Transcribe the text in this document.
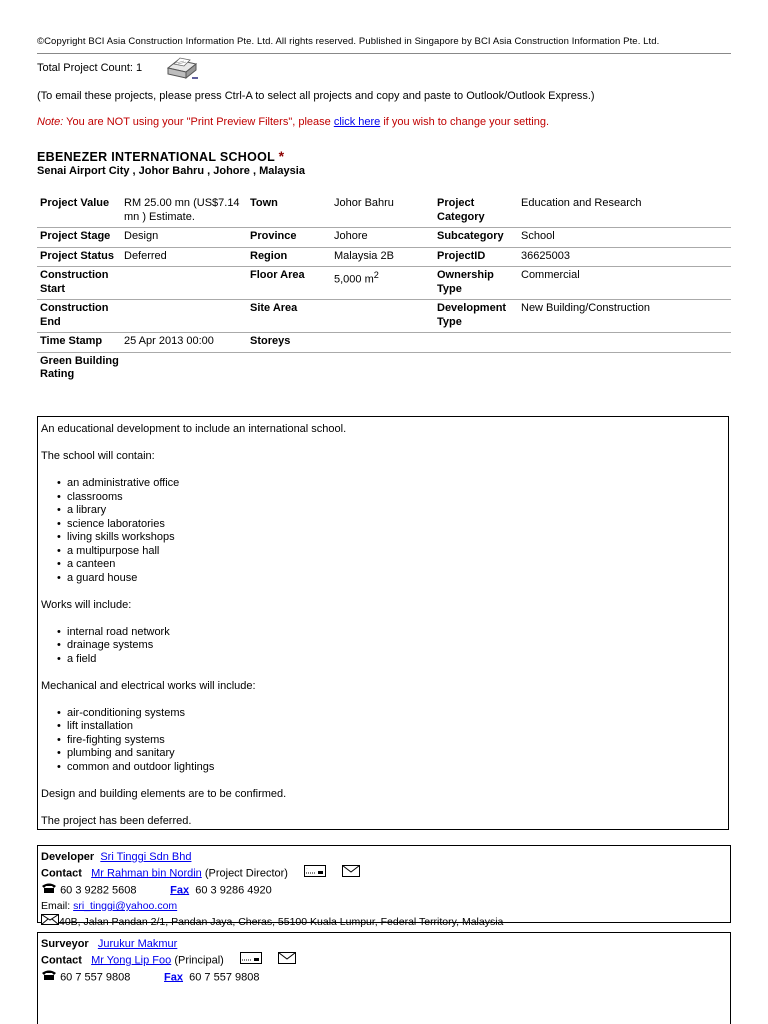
©Copyright BCI Asia Construction Information Pte. Ltd. All rights reserved. Published in Singapore by BCI Asia Construction Information Pte. Ltd.
Total Project Count: 1
(To email these projects, please press Ctrl-A to select all projects and copy and paste to Outlook/Outlook Express.)
Note: You are NOT using your "Print Preview Filters", please click here if you wish to change your setting.
EBENEZER INTERNATIONAL SCHOOL *
Senai Airport City , Johor Bahru , Johore , Malaysia
Project Value	RM 25.00 mn (US$7.14 mn ) Estimate.	Town	Johor Bahru	Project Category	Education and Research
Project Stage	Design	Province	Johore	Subcategory	School
Project Status	Deferred	Region	Malaysia 2B	ProjectID	36625003
Construction Start		Floor Area	5,000 $m^2$	Ownership Type	Commercial
Construction End		Site Area		Development Type	New Building/Construction
Time Stamp	25 Apr 2013 00:00	Storeys			
Green Building Rating					

An educational development to include an international school.

The school will contain:

• an administrative office
• classrooms
• a library
• science laboratories
• living skills workshops
• a multipurpose hall
• a canteen
• a guard house

Works will include:

• internal road network
• drainage systems
• a field

Mechanical and electrical works will include:

• air-conditioning systems
• lift installation
• fire-fighting systems
• plumbing and sanitary
• common and outdoor lightings

Design and building elements are to be confirmed.

The project has been deferred.

Developer Sri Tinggi Sdn Bhd
Contact Mr Rahman bin Nordin (Project Director)
60 3 9282 5608	Fax 60 3 9286 4920
Email: sri_tinggi@yahoo.com
40B, Jalan Pandan 2/1, Pandan Jaya, Cheras, 55100 Kuala Lumpur, Federal Territory, Malaysia
Surveyor Jurukur Makmur
Contact Mr Yong Lip Foo (Principal)
60 7 557 9808	Fax 60 7 557 9808
